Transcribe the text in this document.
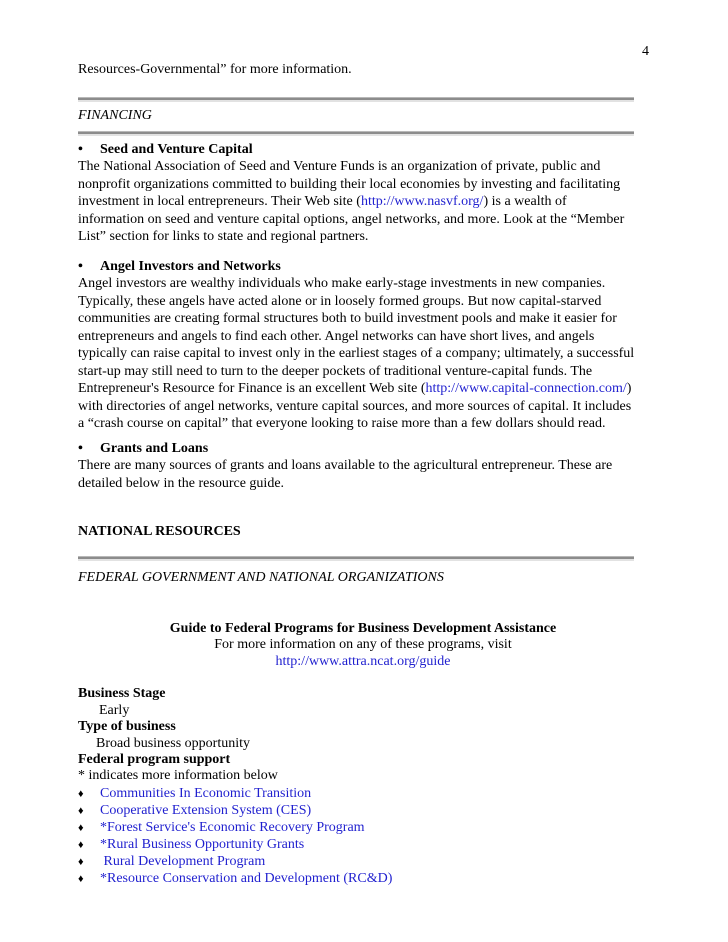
4
Resources-Governmental” for more information.
FINANCING
• Seed and Venture Capital
The National Association of Seed and Venture Funds is an organization of private, public and
nonprofit organizations committed to building their local economies by investing and facilitating
investment in local entrepreneurs. Their Web site (http://www.nasvf.org/) is a wealth of
information on seed and venture capital options, angel networks, and more. Look at the “Member
List” section for links to state and regional partners.
• Angel Investors and Networks
Angel investors are wealthy individuals who make early-stage investments in new companies.
Typically, these angels have acted alone or in loosely formed groups. But now capital-starved
communities are creating formal structures both to build investment pools and make it easier for
entrepreneurs and angels to find each other. Angel networks can have short lives, and angels
typically can raise capital to invest only in the earliest stages of a company; ultimately, a successful
start-up may still need to turn to the deeper pockets of traditional venture-capital funds. The
Entrepreneur's Resource for Finance is an excellent Web site (http://www.capital-connection.com/)
with directories of angel networks, venture capital sources, and more sources of capital. It includes
a “crash course on capital” that everyone looking to raise more than a few dollars should read.
• Grants and Loans
There are many sources of grants and loans available to the agricultural entrepreneur. These are
detailed below in the resource guide.
NATIONAL RESOURCES
FEDERAL GOVERNMENT AND NATIONAL ORGANIZATIONS
Guide to Federal Programs for Business Development Assistance
For more information on any of these programs, visit
http://www.attra.ncat.org/guide
Business Stage
Early
Type of business
Broad business opportunity
Federal program support
* indicates more information below
♦ Communities In Economic Transition
♦ Cooperative Extension System (CES)
♦ *Forest Service's Economic Recovery Program
♦ *Rural Business Opportunity Grants
♦ Rural Development Program
♦ *Resource Conservation and Development (RC&D)
